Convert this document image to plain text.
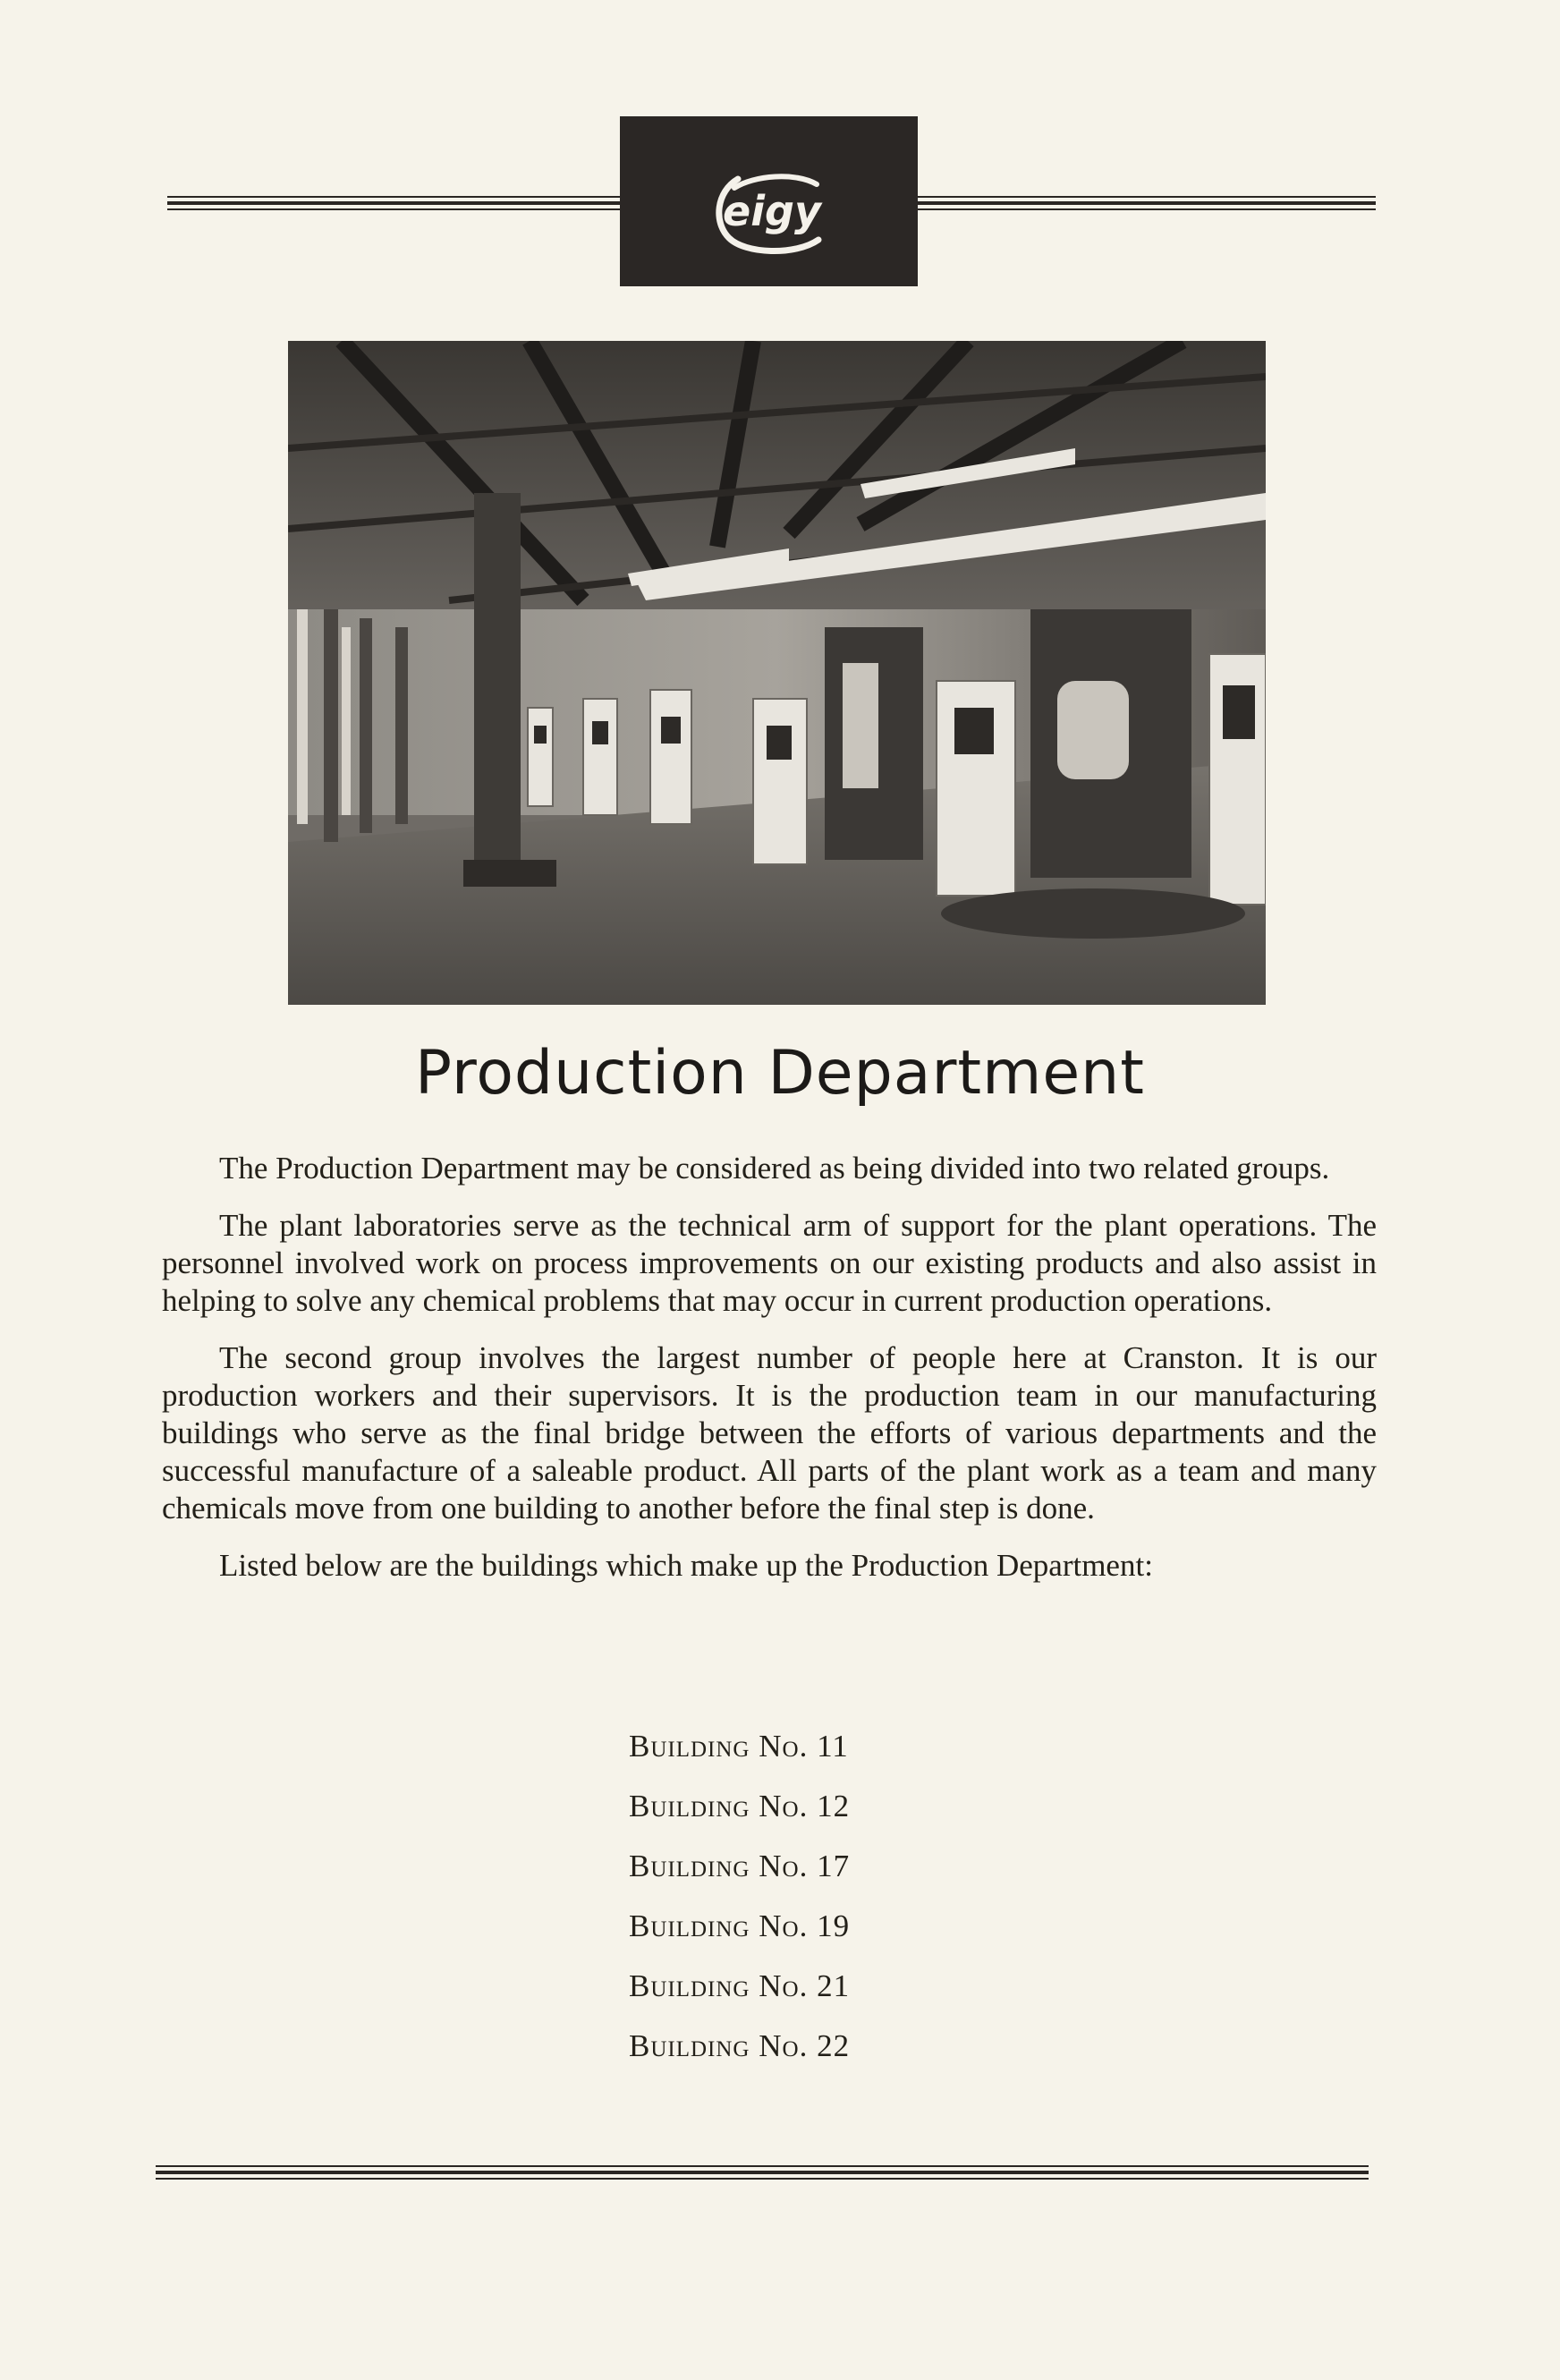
eigy
Production Department

The Production Department may be considered as being divided into two related groups.

The plant laboratories serve as the technical arm of support for the plant operations. The personnel involved work on process improvements on our existing products and also assist in helping to solve any chemical problems that may occur in current production operations.

The second group involves the largest number of people here at Cranston. It is our production workers and their supervisors. It is the production team in our manufacturing buildings who serve as the final bridge between the efforts of various departments and the successful manufacture of a saleable product. All parts of the plant work as a team and many chemicals move from one building to another before the final step is done.

Listed below are the buildings which make up the Production Department:

Building No. 11
Building No. 12
Building No. 17
Building No. 19
Building No. 21
Building No. 22
